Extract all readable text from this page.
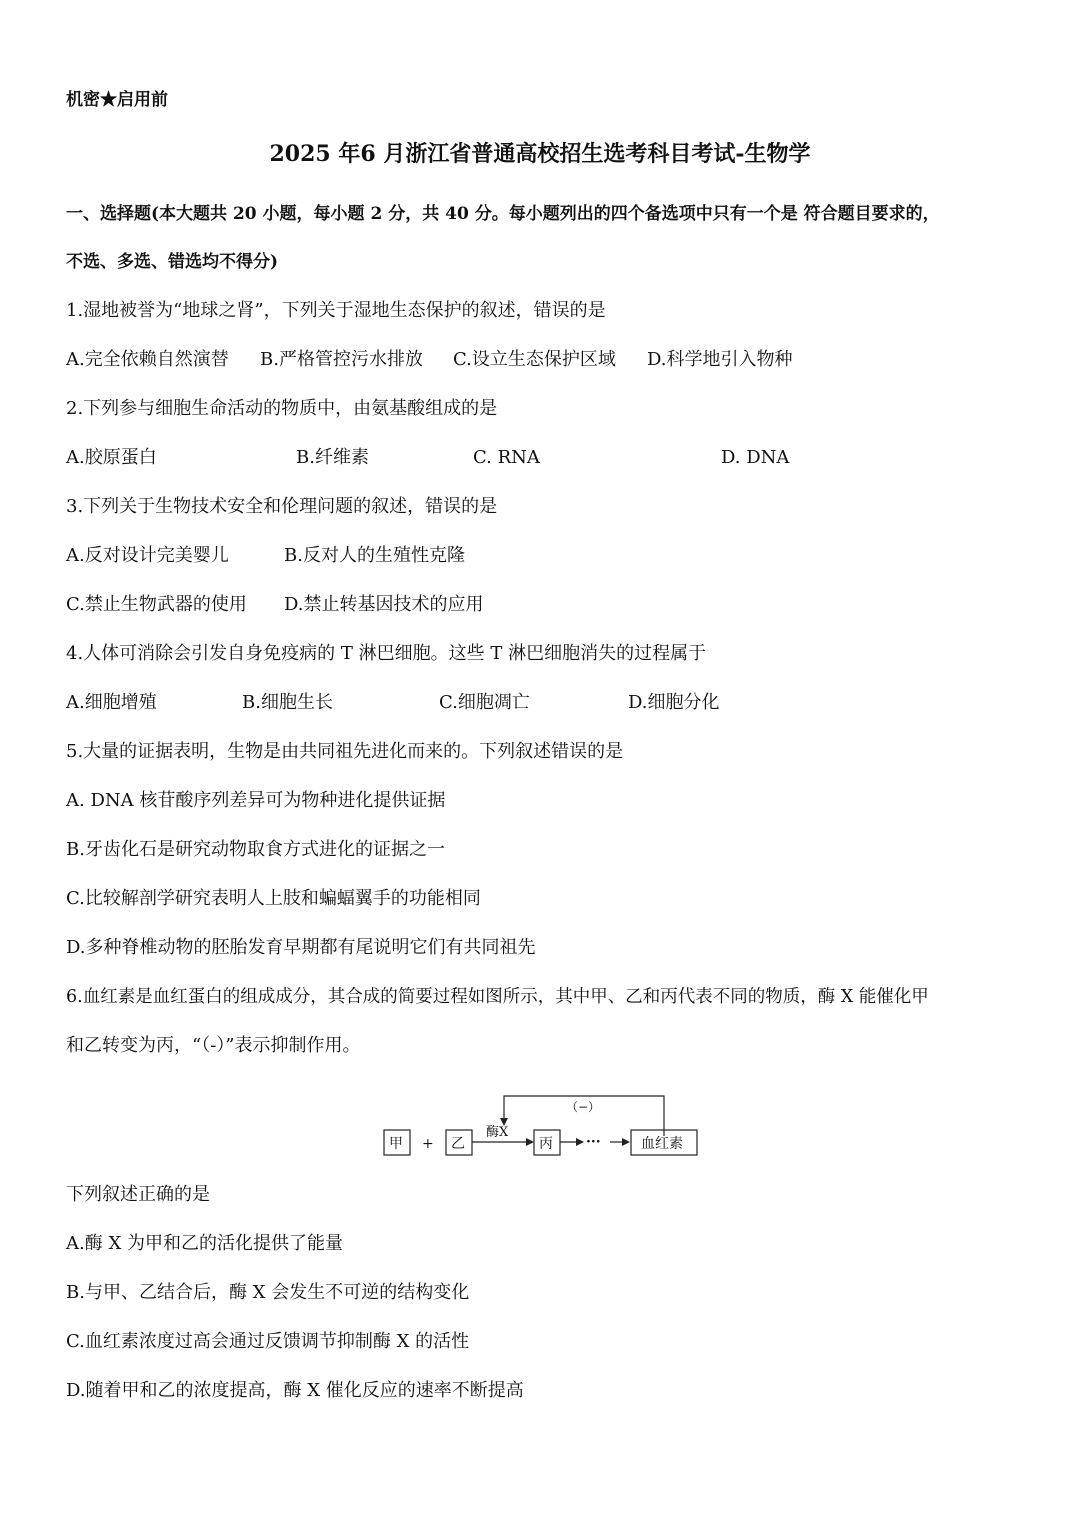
机密★启用前
2025 年6 月浙江省普通高校招生选考科目考试-生物学
一、选择题(本大题共 20 小题，每小题 2 分，共 40 分。每小题列出的四个备选项中只有一个是 符合题目要求的，
不选、多选、错选均不得分)
1.湿地被誉为“地球之肾”，下列关于湿地生态保护的叙述，错误的是
A.完全依赖自然演替 B.严格管控污水排放 C.设立生态保护区域 D.科学地引入物种
2.下列参与细胞生命活动的物质中，由氨基酸组成的是
A.胶原蛋白	B.纤维素	C. RNA	D. DNA
3.下列关于生物技术安全和伦理问题的叙述，错误的是
A.反对设计完美婴儿	B.反对人的生殖性克隆
C.禁止生物武器的使用 D.禁止转基因技术的应用
4.人体可消除会引发自身免疫病的 T 淋巴细胞。这些 T 淋巴细胞消失的过程属于
A.细胞增殖	B.细胞生长	C.细胞凋亡	D.细胞分化
5.大量的证据表明，生物是由共同祖先进化而来的。下列叙述错误的是
A. DNA 核苷酸序列差异可为物种进化提供证据
B.牙齿化石是研究动物取食方式进化的证据之一
C.比较解剖学研究表明人上肢和蝙蝠翼手的功能相同
D.多种脊椎动物的胚胎发育早期都有尾说明它们有共同祖先
6.血红素是血红蛋白的组成成分，其合成的简要过程如图所示，其中甲、乙和丙代表不同的物质，酶 X 能催化甲
和乙转变为丙，“（-）”表示抑制作用。
（−）
甲 + 乙
酶X
丙 ···	血红素
下列叙述正确的是
A.酶 X 为甲和乙的活化提供了能量
B.与甲、乙结合后，酶 X 会发生不可逆的结构变化
C.血红素浓度过高会通过反馈调节抑制酶 X 的活性
D.随着甲和乙的浓度提高，酶 X 催化反应的速率不断提高
